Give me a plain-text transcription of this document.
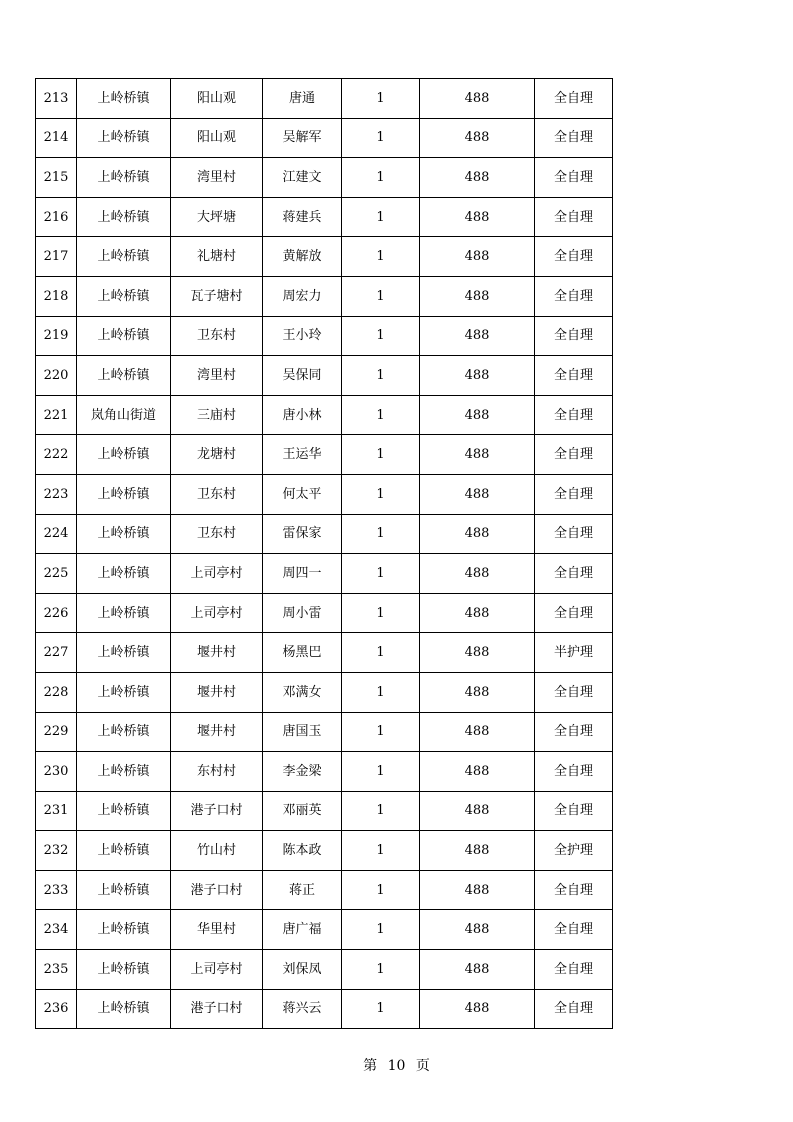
213	上岭桥镇	阳山观	唐通	1	488	全自理
214	上岭桥镇	阳山观	吴解军	1	488	全自理
215	上岭桥镇	湾里村	江建文	1	488	全自理
216	上岭桥镇	大坪塘	蒋建兵	1	488	全自理
217	上岭桥镇	礼塘村	黄解放	1	488	全自理
218	上岭桥镇	瓦子塘村	周宏力	1	488	全自理
219	上岭桥镇	卫东村	王小玲	1	488	全自理
220	上岭桥镇	湾里村	吴保同	1	488	全自理
221	岚角山街道	三庙村	唐小林	1	488	全自理
222	上岭桥镇	龙塘村	王运华	1	488	全自理
223	上岭桥镇	卫东村	何太平	1	488	全自理
224	上岭桥镇	卫东村	雷保家	1	488	全自理
225	上岭桥镇	上司亭村	周四一	1	488	全自理
226	上岭桥镇	上司亭村	周小雷	1	488	全自理
227	上岭桥镇	堰井村	杨黑巴	1	488	半护理
228	上岭桥镇	堰井村	邓满女	1	488	全自理
229	上岭桥镇	堰井村	唐国玉	1	488	全自理
230	上岭桥镇	东村村	李金梁	1	488	全自理
231	上岭桥镇	港子口村	邓丽英	1	488	全自理
232	上岭桥镇	竹山村	陈本政	1	488	全护理
233	上岭桥镇	港子口村	蒋正	1	488	全自理
234	上岭桥镇	华里村	唐广福	1	488	全自理
235	上岭桥镇	上司亭村	刘保凤	1	488	全自理
236	上岭桥镇	港子口村	蒋兴云	1	488	全自理
第 10 页
